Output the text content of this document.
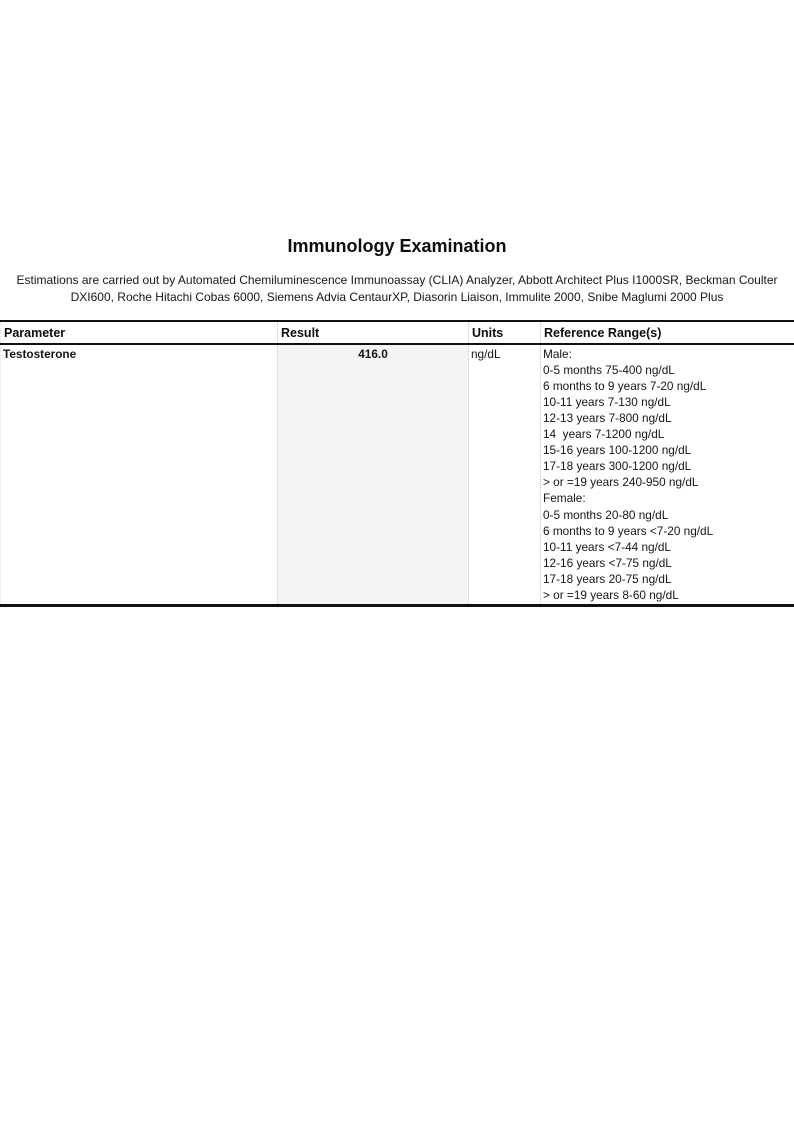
Immunology Examination

Estimations are carried out by Automated Chemiluminescence Immunoassay (CLIA) Analyzer, Abbott Architect Plus I1000SR, Beckman Coulter DXI600, Roche Hitachi Cobas 6000, Siemens Advia CentaurXP, Diasorin Liaison, Immulite 2000, Snibe Maglumi 2000 Plus

Parameter	Result	Units	Reference Range(s)
Testosterone	416.0	ng/dL	Male:
0-5 months 75-400 ng/dL
6 months to 9 years 7-20 ng/dL
10-11 years 7-130 ng/dL
12-13 years 7-800 ng/dL
14  years 7-1200 ng/dL
15-16 years 100-1200 ng/dL
17-18 years 300-1200 ng/dL
> or =19 years 240-950 ng/dL
Female:
0-5 months 20-80 ng/dL
6 months to 9 years <7-20 ng/dL
10-11 years <7-44 ng/dL
12-16 years <7-75 ng/dL
17-18 years 20-75 ng/dL
> or =19 years 8-60 ng/dL
